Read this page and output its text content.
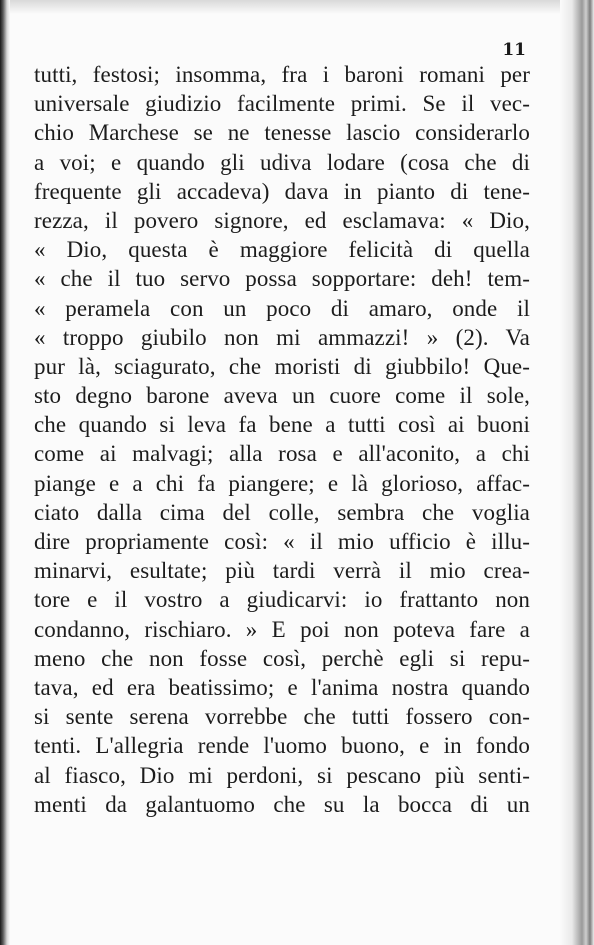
11
tutti, festosi; insomma, fra i baroni romani per
universale giudizio facilmente primi. Se il vec-
chio Marchese se ne tenesse lascio considerarlo
a voi; e quando gli udiva lodare (cosa che di
frequente gli accadeva) dava in pianto di tene-
rezza, il povero signore, ed esclamava: « Dio,
« Dio, questa è maggiore felicità di quella
« che il tuo servo possa sopportare: deh! tem-
« peramela con un poco di amaro, onde il
« troppo giubilo non mi ammazzi! » (2). Va
pur là, sciagurato, che moristi di giubbilo! Que-
sto degno barone aveva un cuore come il sole,
che quando si leva fa bene a tutti così ai buoni
come ai malvagi; alla rosa e all'aconito, a chi
piange e a chi fa piangere; e là glorioso, affac-
ciato dalla cima del colle, sembra che voglia
dire propriamente così: « il mio ufficio è illu-
minarvi, esultate; più tardi verrà il mio crea-
tore e il vostro a giudicarvi: io frattanto non
condanno, rischiaro. » E poi non poteva fare a
meno che non fosse così, perchè egli si repu-
tava, ed era beatissimo; e l'anima nostra quando
si sente serena vorrebbe che tutti fossero con-
tenti. L'allegria rende l'uomo buono, e in fondo
al fiasco, Dio mi perdoni, si pescano più senti-
menti da galantuomo che su la bocca di un
